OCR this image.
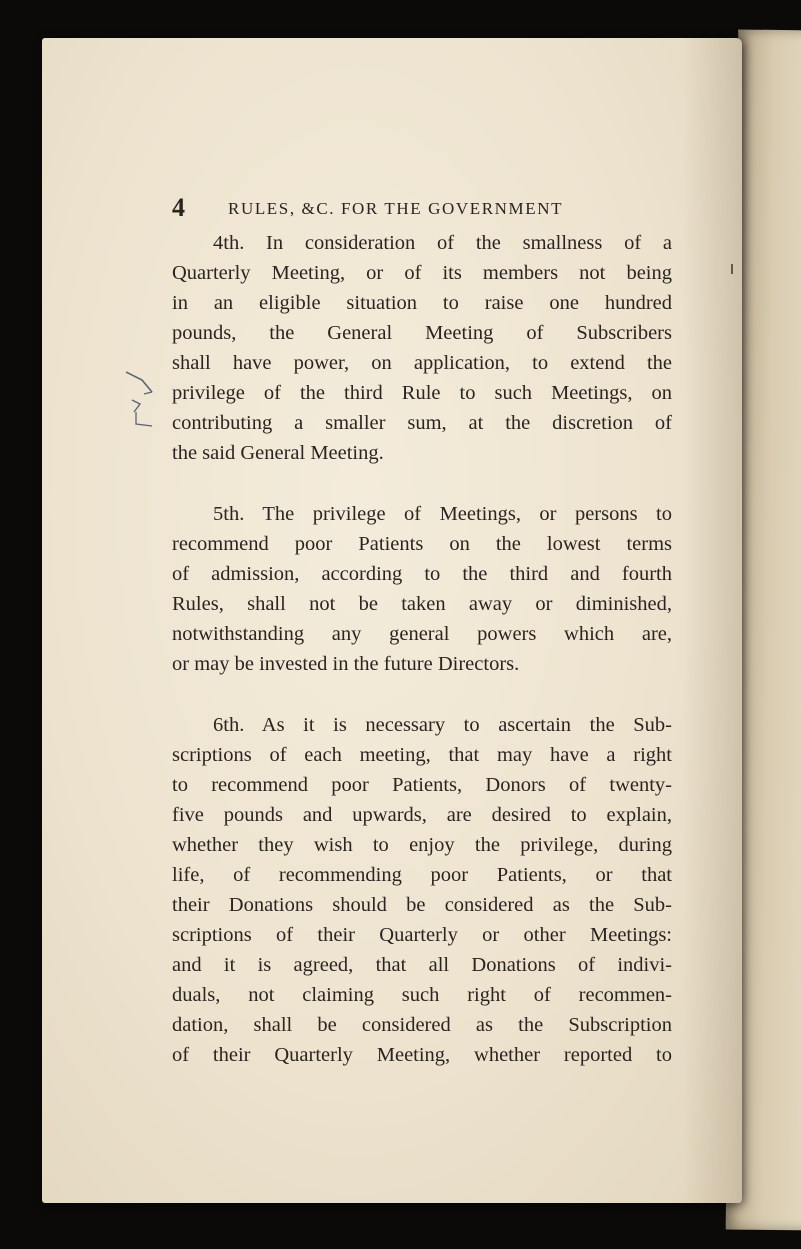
4	RULES, &C. FOR THE GOVERNMENT
4th. In consideration of the smallness of a
Quarterly Meeting, or of its members not being
in an eligible situation to raise one hundred
pounds, the General Meeting of Subscribers
shall have power, on application, to extend the
privilege of the third Rule to such Meetings, on
contributing a smaller sum, at the discretion of
the said General Meeting.
5th. The privilege of Meetings, or persons to
recommend poor Patients on the lowest terms
of admission, according to the third and fourth
Rules, shall not be taken away or diminished,
notwithstanding any general powers which are,
or may be invested in the future Directors.
6th. As it is necessary to ascertain the Sub-
scriptions of each meeting, that may have a right
to recommend poor Patients, Donors of twenty-
five pounds and upwards, are desired to explain,
whether they wish to enjoy the privilege, during
life, of recommending poor Patients, or that
their Donations should be considered as the Sub-
scriptions of their Quarterly or other Meetings:
and it is agreed, that all Donations of indivi-
duals, not claiming such right of recommen-
dation, shall be considered as the Subscription
of their Quarterly Meeting, whether reported to
